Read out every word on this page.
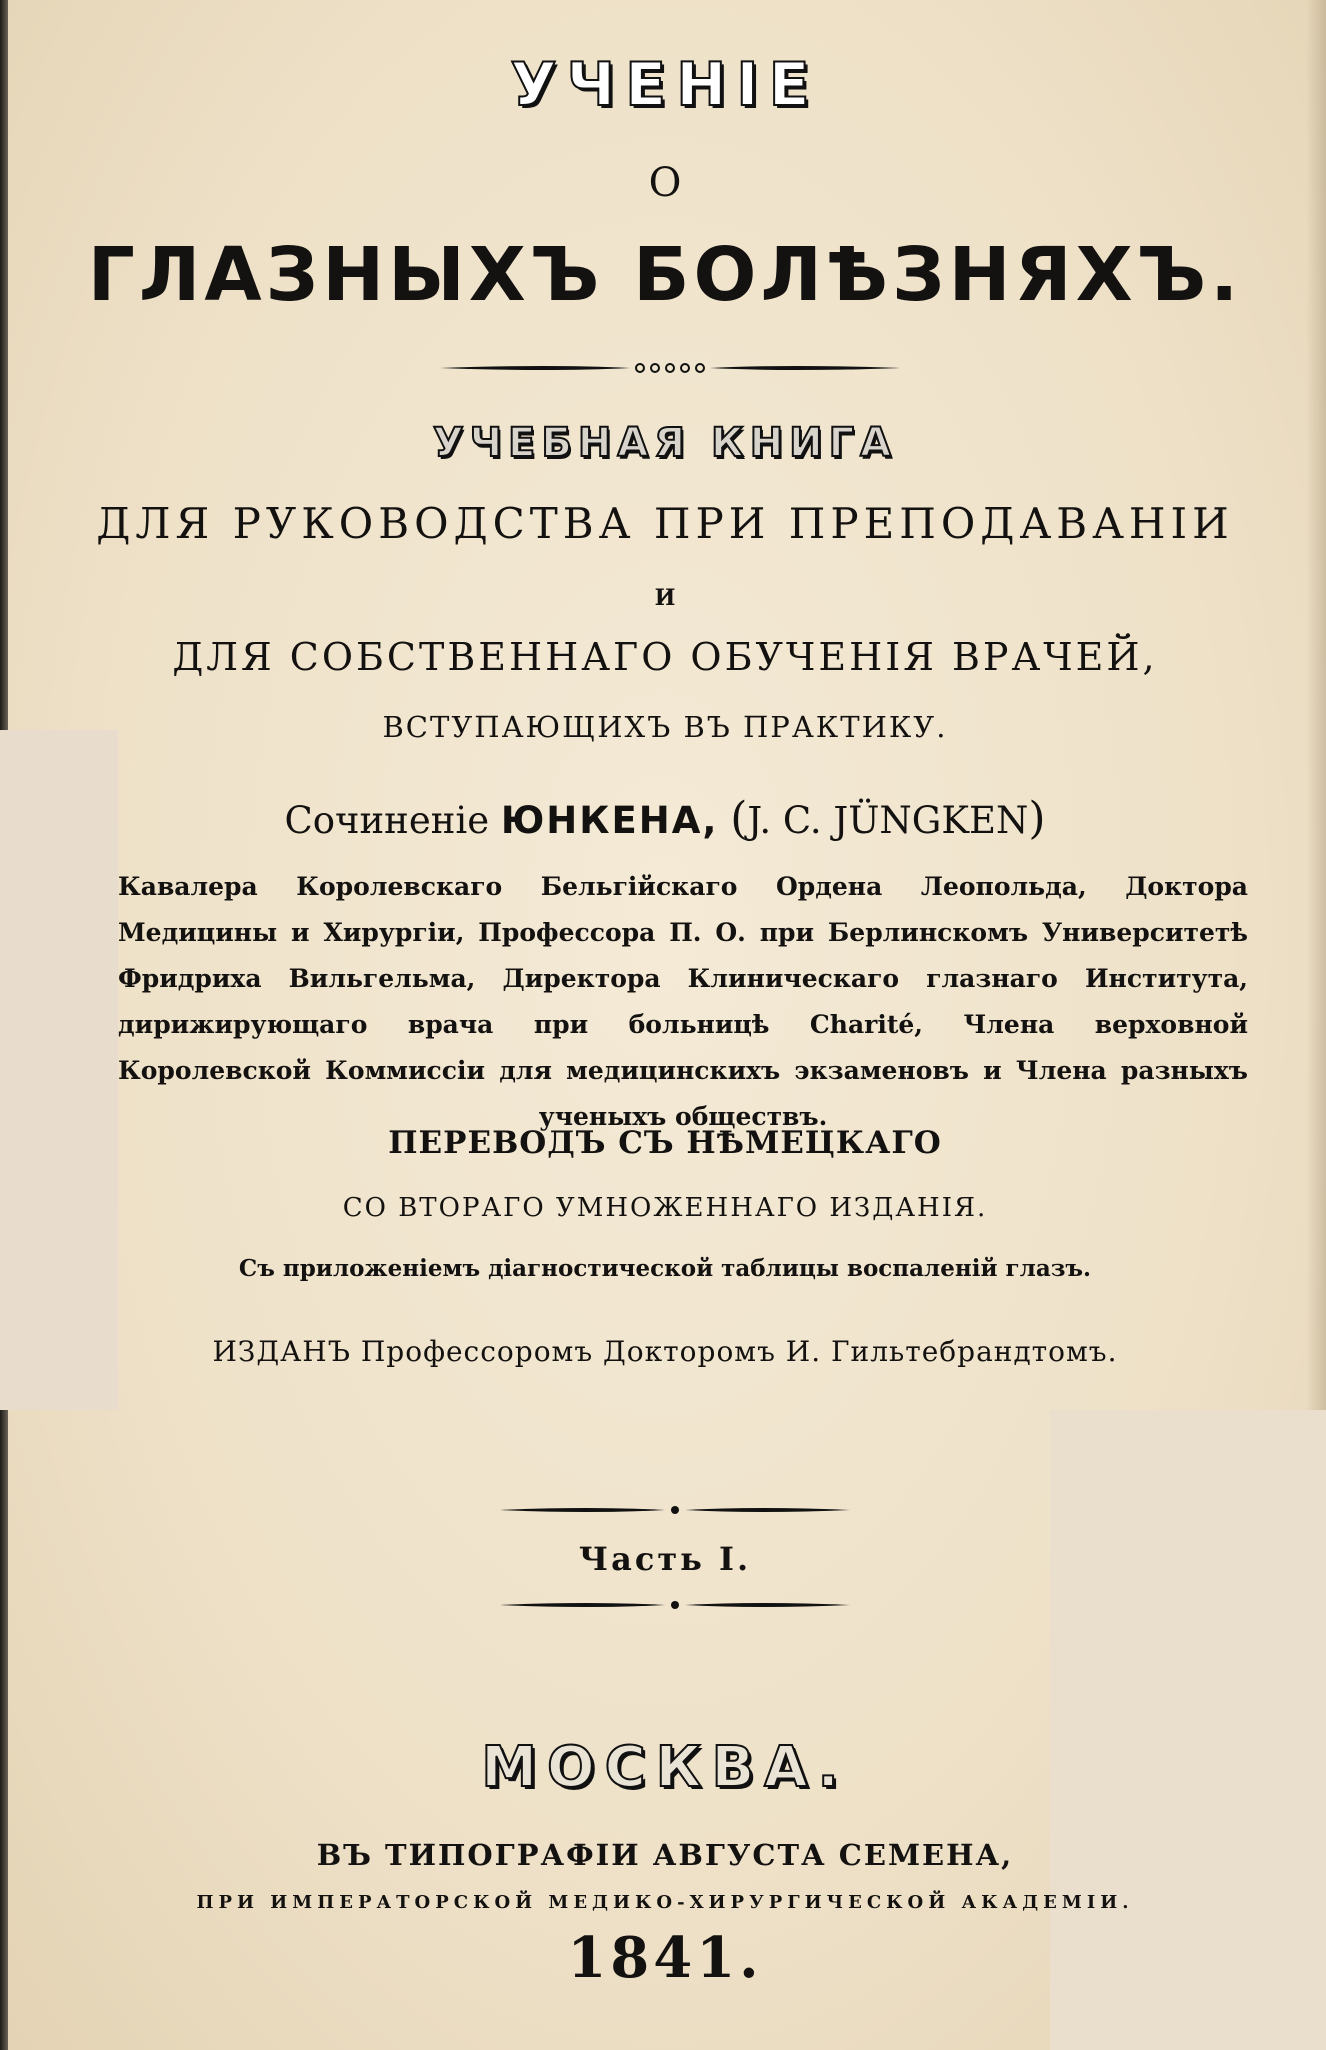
УЧЕНІЕ

О

ГЛАЗНЫХЪ БОЛѢЗНЯХЪ.

УЧЕБНАЯ КНИГА

ДЛЯ РУКОВОДСТВА ПРИ ПРЕПОДАВАНІИ

И

ДЛЯ СОБСТВЕННАГО ОБУЧЕНІЯ ВРАЧЕЙ,

ВСТУПАЮЩИХЪ ВЪ ПРАКТИКУ.

Сочиненіе ЮНКЕНА, (J. C. JÜNGKEN)

Кавалера Королевскаго Бельгійскаго Ордена Леопольда, Доктора Медицины и Хирургіи, Профессора П. О. при Берлинскомъ Университетѣ Фридриха Вильгельма, Директора Клиническаго глазнаго Института, дирижирующаго врача при больницѣ Charité, Члена верховной Королевской Коммиссіи для медицинскихъ экзаменовъ и Члена разныхъ ученыхъ обществъ.

ПЕРЕВОДЪ СЪ НѢМЕЦКАГО

СО ВТОРАГО УМНОЖЕННАГО ИЗДАНІЯ.

Съ приложеніемъ діагностической таблицы воспаленій глазъ.

ИЗДАНЪ Профессоромъ Докторомъ И. Гильтебрандтомъ.

Часть I.

МОСКВА.

ВЪ ТИПОГРАФІИ АВГУСТА СЕМЕНА,

ПРИ ИМПЕРАТОРСКОЙ МЕДИКО-ХИРУРГИЧЕСКОЙ АКАДЕМІИ.

1841.
